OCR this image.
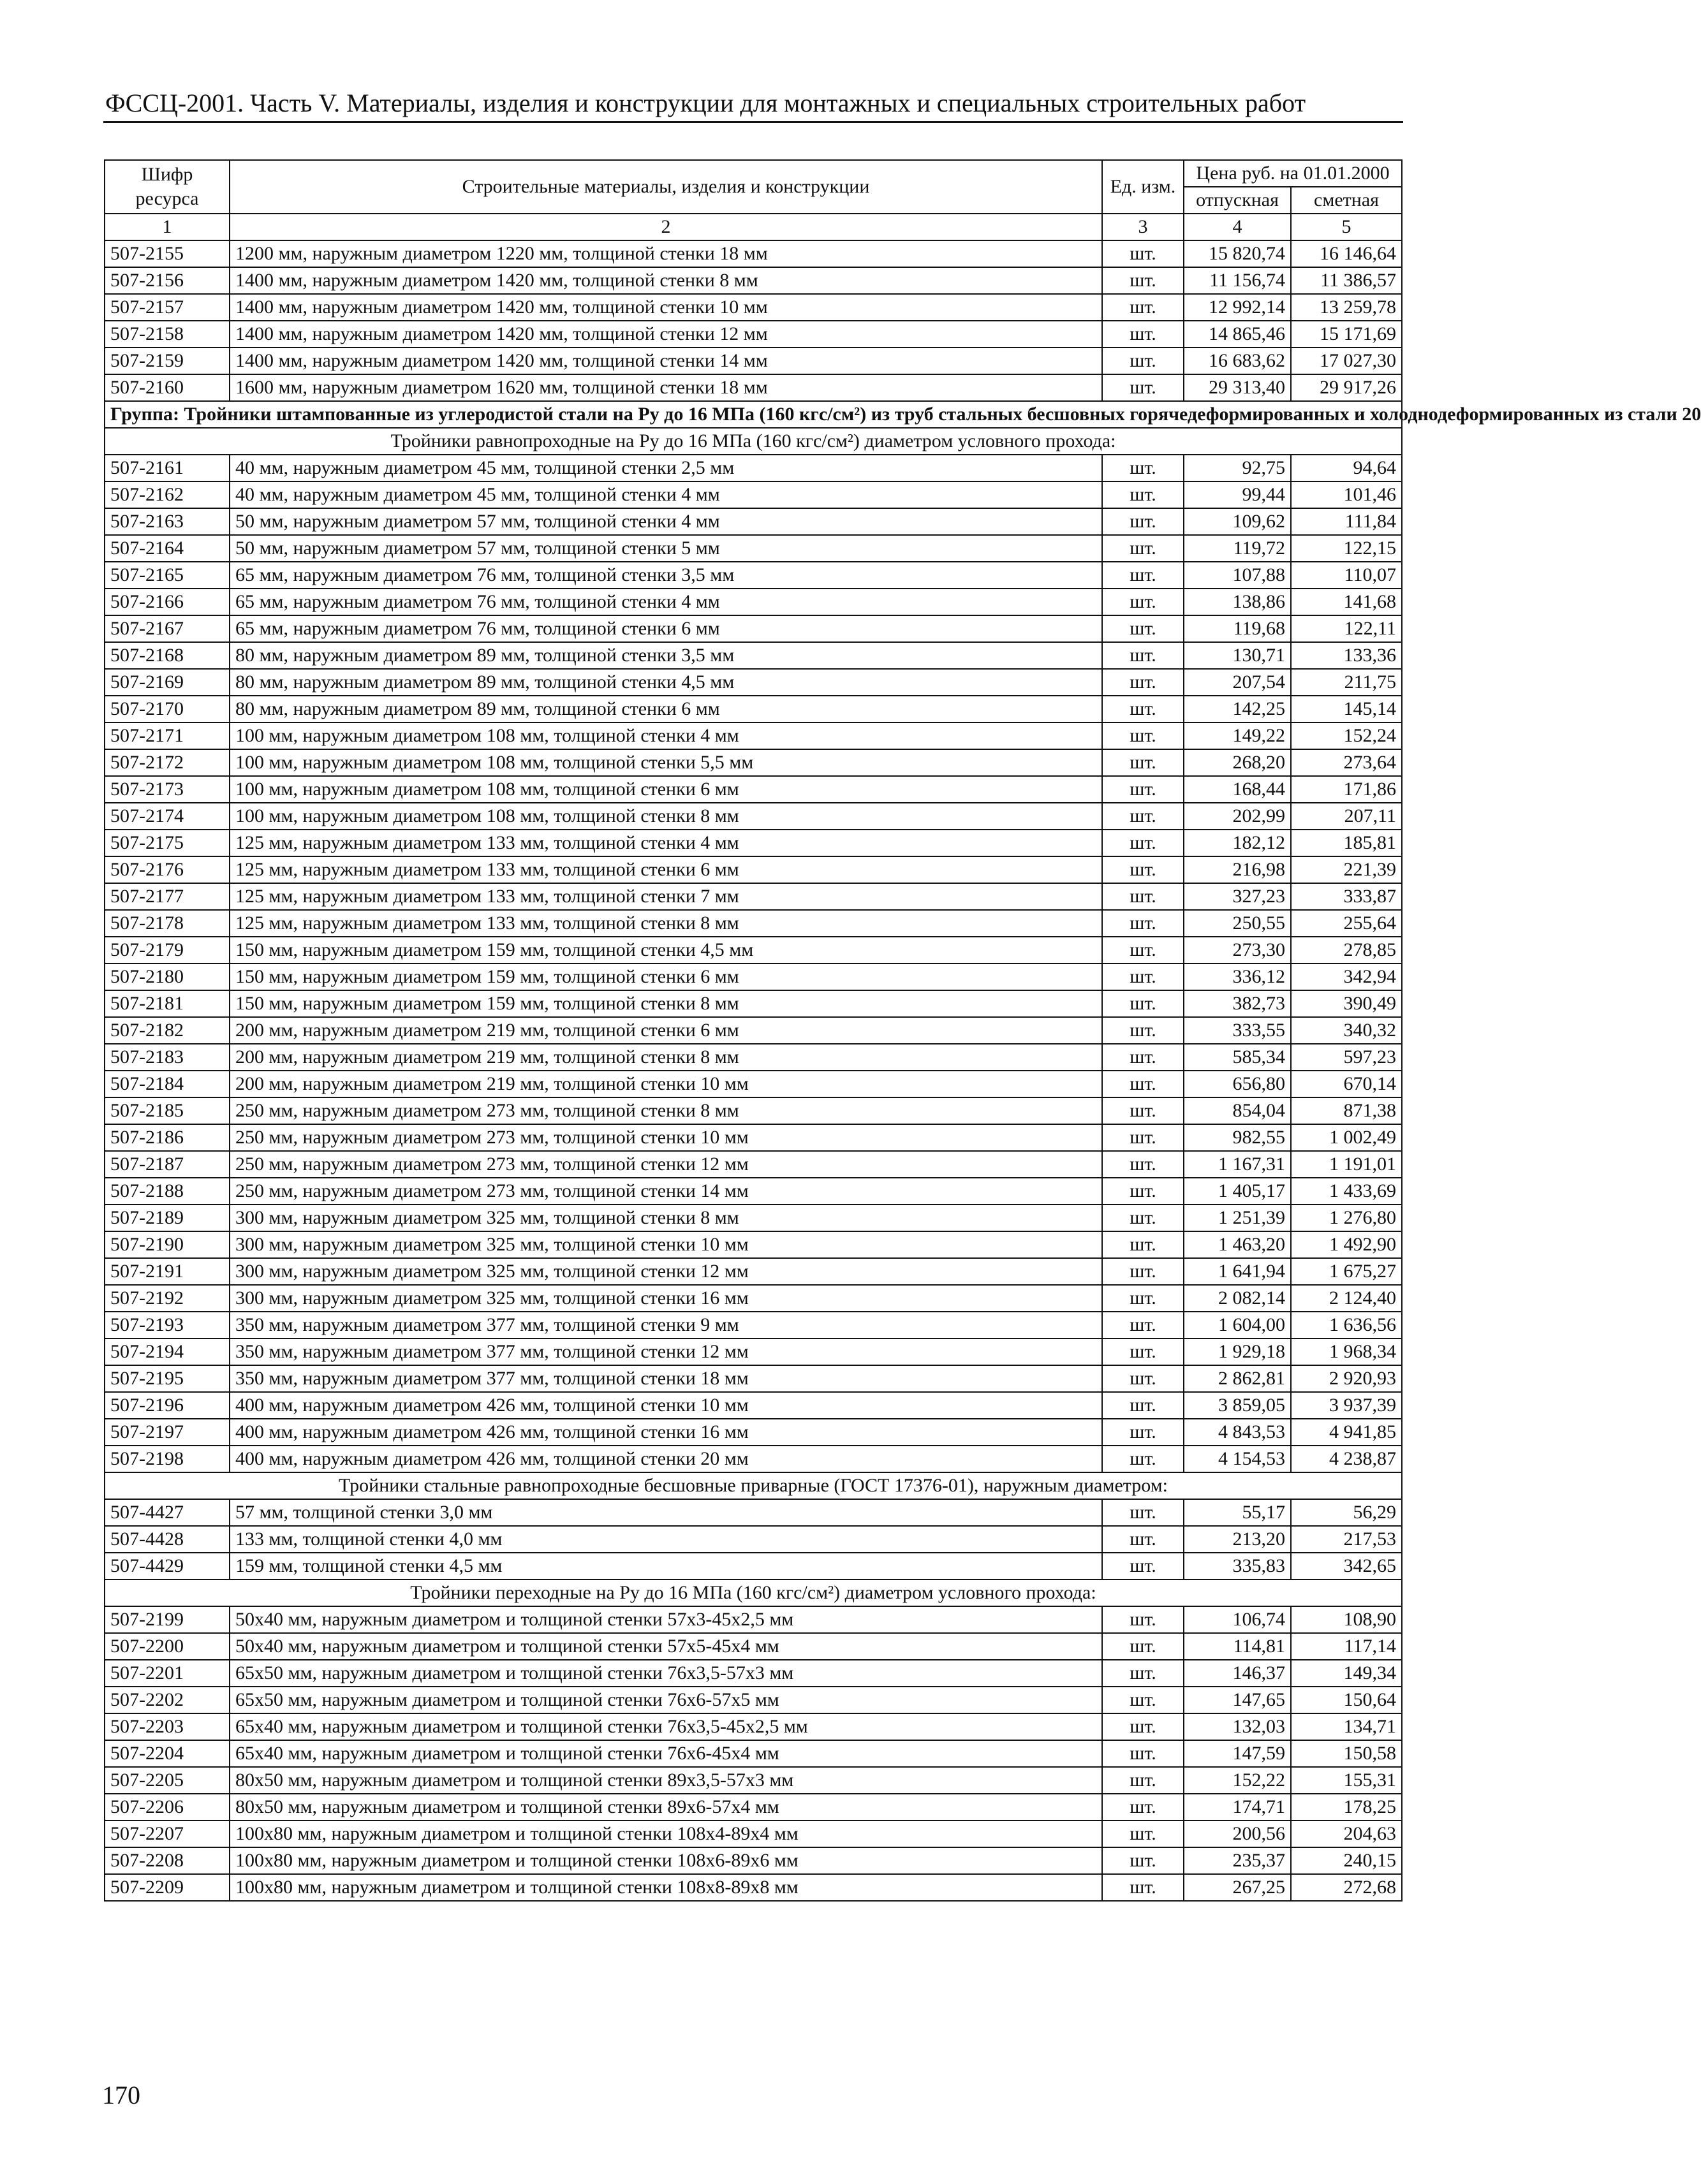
ФССЦ-2001. Часть V. Материалы, изделия и конструкции для монтажных и специальных строительных работ
Шифр ресурса	Строительные материалы, изделия и конструкции	Ед. изм.	Цена руб. на 01.01.2000	
			отпускная	сметная
1	2	3	4	5
507-2155	1200 мм, наружным диаметром 1220 мм, толщиной стенки 18 мм	шт.	15 820,74	16 146,64
507-2156	1400 мм, наружным диаметром 1420 мм, толщиной стенки 8 мм	шт.	11 156,74	11 386,57
507-2157	1400 мм, наружным диаметром 1420 мм, толщиной стенки 10 мм	шт.	12 992,14	13 259,78
507-2158	1400 мм, наружным диаметром 1420 мм, толщиной стенки 12 мм	шт.	14 865,46	15 171,69
507-2159	1400 мм, наружным диаметром 1420 мм, толщиной стенки 14 мм	шт.	16 683,62	17 027,30
507-2160	1600 мм, наружным диаметром 1620 мм, толщиной стенки 18 мм	шт.	29 313,40	29 917,26
Группа: Тройники штампованные из углеродистой стали на Ру до 16 МПа (160 кгс/см²) из труб стальных бесшовных горячедеформированных и холоднодеформированных из стали 20				
Тройники равнопроходные на Ру до 16 МПа (160 кгс/см²) диаметром условного прохода:				
507-2161	40 мм, наружным диаметром 45 мм, толщиной стенки 2,5 мм	шт.	92,75	94,64
507-2162	40 мм, наружным диаметром 45 мм, толщиной стенки 4 мм	шт.	99,44	101,46
507-2163	50 мм, наружным диаметром 57 мм, толщиной стенки 4 мм	шт.	109,62	111,84
507-2164	50 мм, наружным диаметром 57 мм, толщиной стенки 5 мм	шт.	119,72	122,15
507-2165	65 мм, наружным диаметром 76 мм, толщиной стенки 3,5 мм	шт.	107,88	110,07
507-2166	65 мм, наружным диаметром 76 мм, толщиной стенки 4 мм	шт.	138,86	141,68
507-2167	65 мм, наружным диаметром 76 мм, толщиной стенки 6 мм	шт.	119,68	122,11
507-2168	80 мм, наружным диаметром 89 мм, толщиной стенки 3,5 мм	шт.	130,71	133,36
507-2169	80 мм, наружным диаметром 89 мм, толщиной стенки 4,5 мм	шт.	207,54	211,75
507-2170	80 мм, наружным диаметром 89 мм, толщиной стенки 6 мм	шт.	142,25	145,14
507-2171	100 мм, наружным диаметром 108 мм, толщиной стенки 4 мм	шт.	149,22	152,24
507-2172	100 мм, наружным диаметром 108 мм, толщиной стенки 5,5 мм	шт.	268,20	273,64
507-2173	100 мм, наружным диаметром 108 мм, толщиной стенки 6 мм	шт.	168,44	171,86
507-2174	100 мм, наружным диаметром 108 мм, толщиной стенки 8 мм	шт.	202,99	207,11
507-2175	125 мм, наружным диаметром 133 мм, толщиной стенки 4 мм	шт.	182,12	185,81
507-2176	125 мм, наружным диаметром 133 мм, толщиной стенки 6 мм	шт.	216,98	221,39
507-2177	125 мм, наружным диаметром 133 мм, толщиной стенки 7 мм	шт.	327,23	333,87
507-2178	125 мм, наружным диаметром 133 мм, толщиной стенки 8 мм	шт.	250,55	255,64
507-2179	150 мм, наружным диаметром 159 мм, толщиной стенки 4,5 мм	шт.	273,30	278,85
507-2180	150 мм, наружным диаметром 159 мм, толщиной стенки 6 мм	шт.	336,12	342,94
507-2181	150 мм, наружным диаметром 159 мм, толщиной стенки 8 мм	шт.	382,73	390,49
507-2182	200 мм, наружным диаметром 219 мм, толщиной стенки 6 мм	шт.	333,55	340,32
507-2183	200 мм, наружным диаметром 219 мм, толщиной стенки 8 мм	шт.	585,34	597,23
507-2184	200 мм, наружным диаметром 219 мм, толщиной стенки 10 мм	шт.	656,80	670,14
507-2185	250 мм, наружным диаметром 273 мм, толщиной стенки 8 мм	шт.	854,04	871,38
507-2186	250 мм, наружным диаметром 273 мм, толщиной стенки 10 мм	шт.	982,55	1 002,49
507-2187	250 мм, наружным диаметром 273 мм, толщиной стенки 12 мм	шт.	1 167,31	1 191,01
507-2188	250 мм, наружным диаметром 273 мм, толщиной стенки 14 мм	шт.	1 405,17	1 433,69
507-2189	300 мм, наружным диаметром 325 мм, толщиной стенки 8 мм	шт.	1 251,39	1 276,80
507-2190	300 мм, наружным диаметром 325 мм, толщиной стенки 10 мм	шт.	1 463,20	1 492,90
507-2191	300 мм, наружным диаметром 325 мм, толщиной стенки 12 мм	шт.	1 641,94	1 675,27
507-2192	300 мм, наружным диаметром 325 мм, толщиной стенки 16 мм	шт.	2 082,14	2 124,40
507-2193	350 мм, наружным диаметром 377 мм, толщиной стенки 9 мм	шт.	1 604,00	1 636,56
507-2194	350 мм, наружным диаметром 377 мм, толщиной стенки 12 мм	шт.	1 929,18	1 968,34
507-2195	350 мм, наружным диаметром 377 мм, толщиной стенки 18 мм	шт.	2 862,81	2 920,93
507-2196	400 мм, наружным диаметром 426 мм, толщиной стенки 10 мм	шт.	3 859,05	3 937,39
507-2197	400 мм, наружным диаметром 426 мм, толщиной стенки 16 мм	шт.	4 843,53	4 941,85
507-2198	400 мм, наружным диаметром 426 мм, толщиной стенки 20 мм	шт.	4 154,53	4 238,87
Тройники стальные равнопроходные бесшовные приварные (ГОСТ 17376-01), наружным диаметром:				
507-4427	57 мм, толщиной стенки 3,0 мм	шт.	55,17	56,29
507-4428	133 мм, толщиной стенки 4,0 мм	шт.	213,20	217,53
507-4429	159 мм, толщиной стенки 4,5 мм	шт.	335,83	342,65
Тройники переходные на Ру до 16 МПа (160 кгс/см²) диаметром условного прохода:				
507-2199	50х40 мм, наружным диаметром и толщиной стенки 57х3-45х2,5 мм	шт.	106,74	108,90
507-2200	50х40 мм, наружным диаметром и толщиной стенки 57х5-45х4 мм	шт.	114,81	117,14
507-2201	65х50 мм, наружным диаметром и толщиной стенки 76х3,5-57х3 мм	шт.	146,37	149,34
507-2202	65х50 мм, наружным диаметром и толщиной стенки 76х6-57х5 мм	шт.	147,65	150,64
507-2203	65х40 мм, наружным диаметром и толщиной стенки 76х3,5-45х2,5 мм	шт.	132,03	134,71
507-2204	65х40 мм, наружным диаметром и толщиной стенки 76х6-45х4 мм	шт.	147,59	150,58
507-2205	80х50 мм, наружным диаметром и толщиной стенки 89х3,5-57х3 мм	шт.	152,22	155,31
507-2206	80х50 мм, наружным диаметром и толщиной стенки 89х6-57х4 мм	шт.	174,71	178,25
507-2207	100х80 мм, наружным диаметром и толщиной стенки 108х4-89х4 мм	шт.	200,56	204,63
507-2208	100х80 мм, наружным диаметром и толщиной стенки 108х6-89х6 мм	шт.	235,37	240,15
507-2209	100х80 мм, наружным диаметром и толщиной стенки 108х8-89х8 мм	шт.	267,25	272,68
170
